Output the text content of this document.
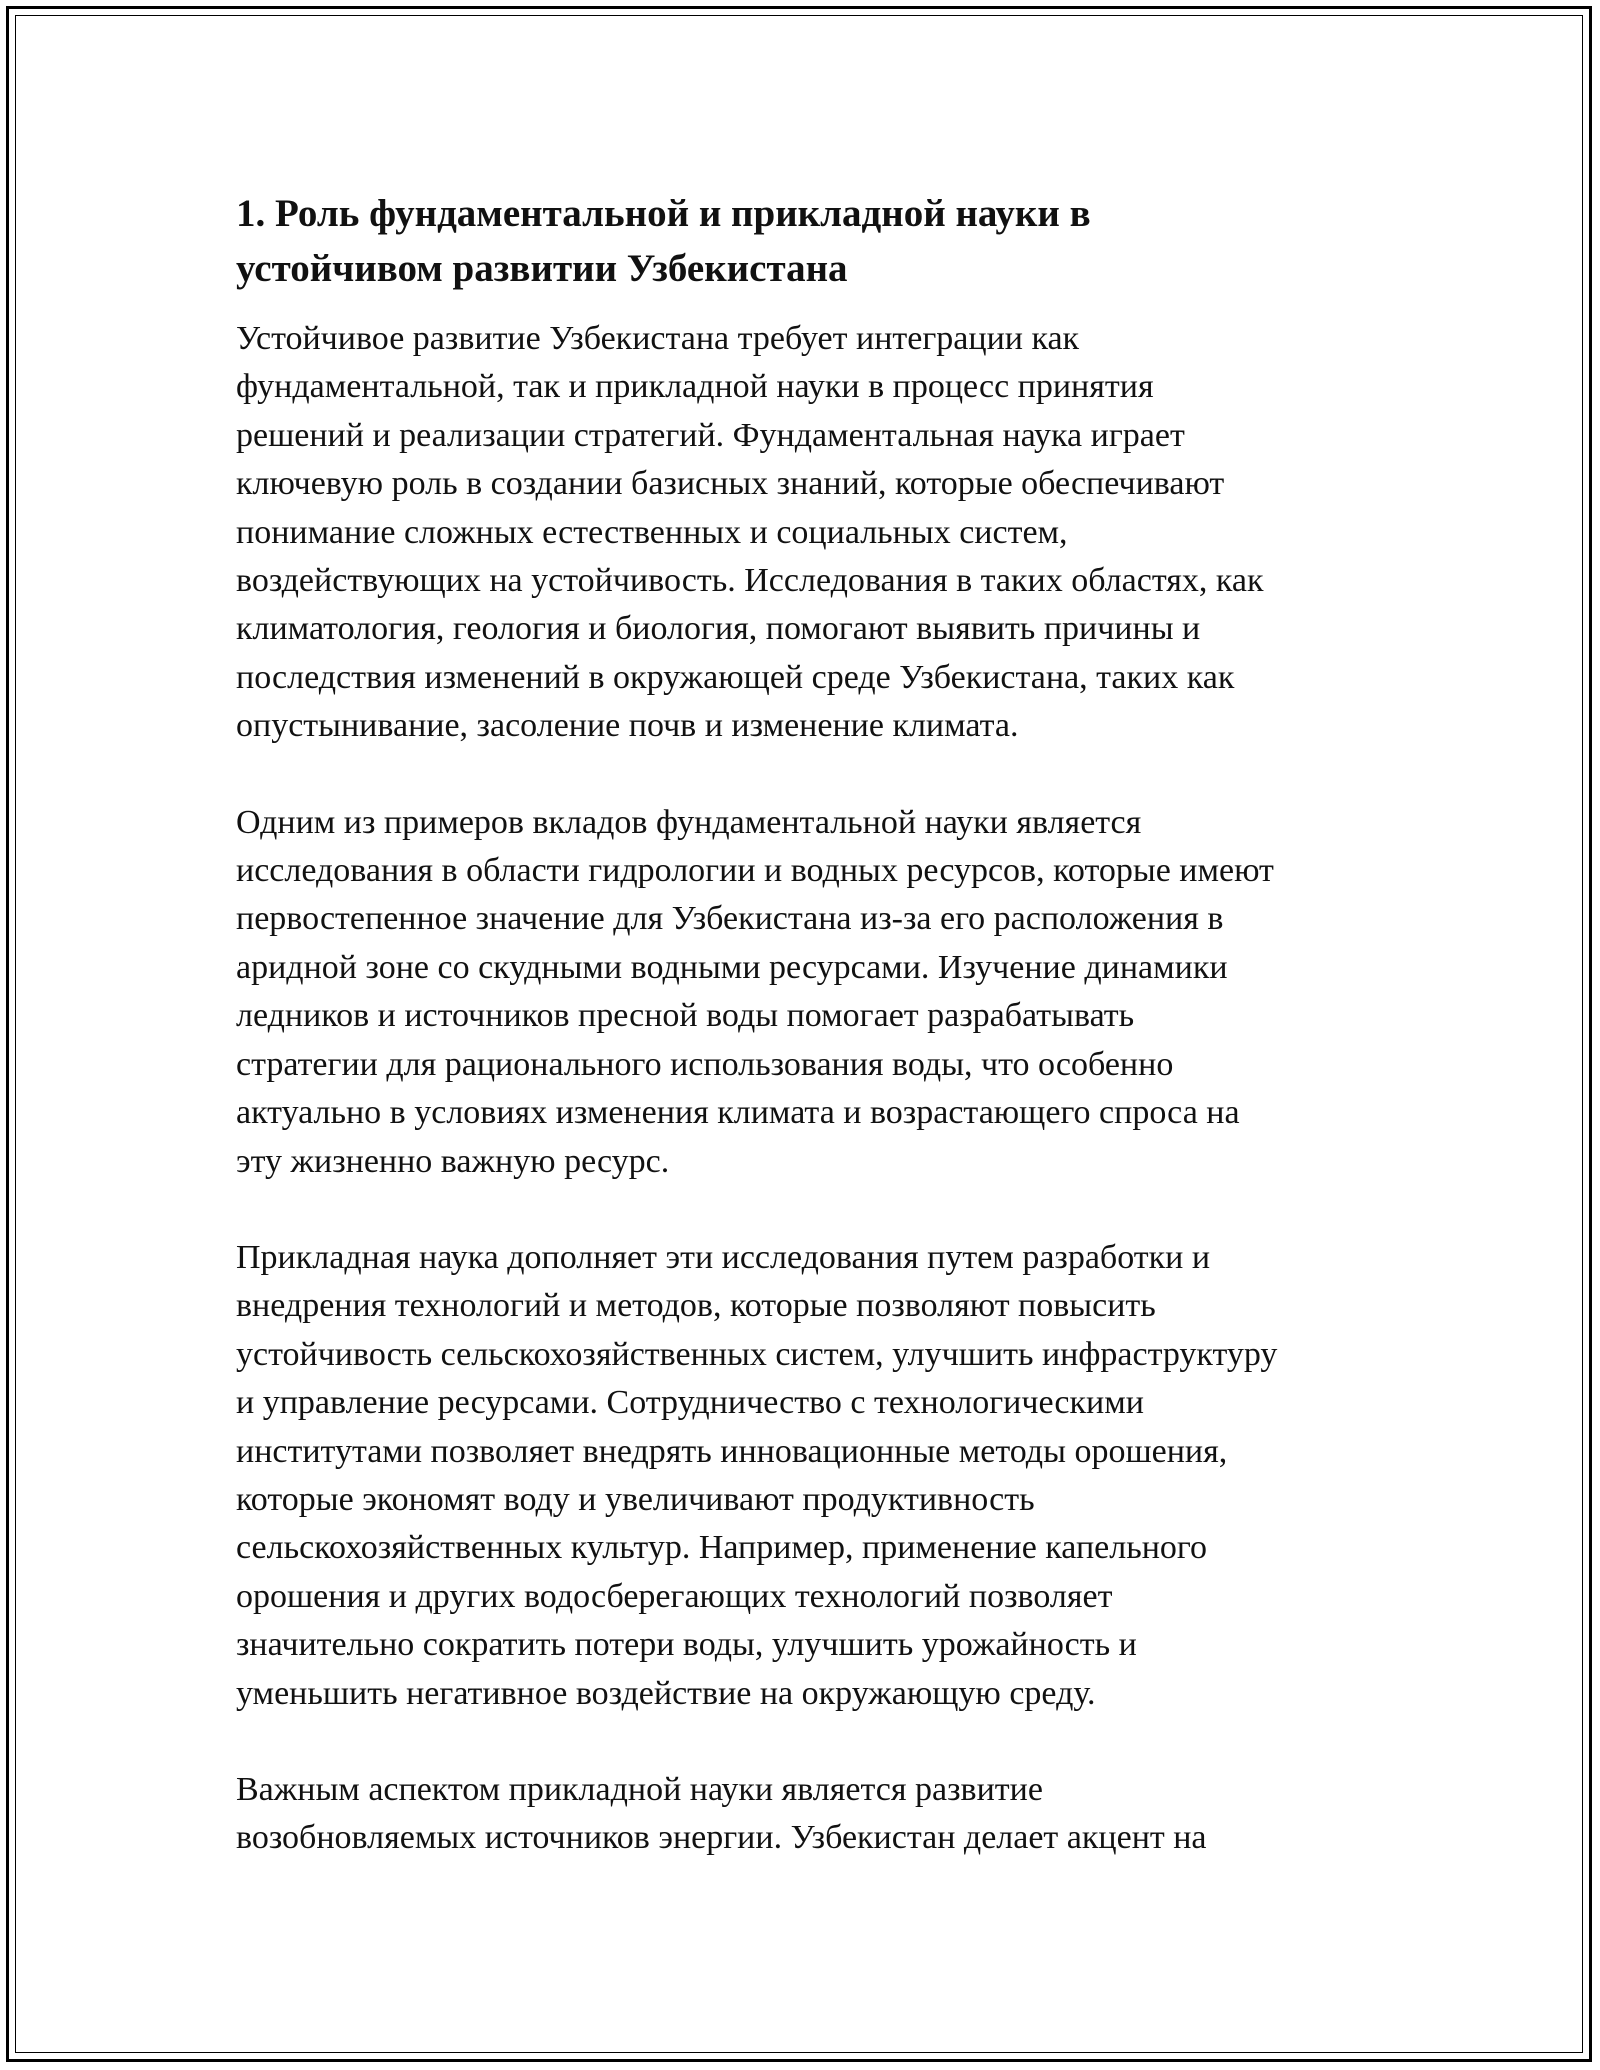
1. Роль фундаментальной и прикладной науки в
устойчивом развитии Узбекистана

Устойчивое развитие Узбекистана требует интеграции как
фундаментальной, так и прикладной науки в процесс принятия
решений и реализации стратегий. Фундаментальная наука играет
ключевую роль в создании базисных знаний, которые обеспечивают
понимание сложных естественных и социальных систем,
воздействующих на устойчивость. Исследования в таких областях, как
климатология, геология и биология, помогают выявить причины и
последствия изменений в окружающей среде Узбекистана, таких как
опустынивание, засоление почв и изменение климата.

Одним из примеров вкладов фундаментальной науки является
исследования в области гидрологии и водных ресурсов, которые имеют
первостепенное значение для Узбекистана из-за его расположения в
аридной зоне со скудными водными ресурсами. Изучение динамики
ледников и источников пресной воды помогает разрабатывать
стратегии для рационального использования воды, что особенно
актуально в условиях изменения климата и возрастающего спроса на
эту жизненно важную ресурс.

Прикладная наука дополняет эти исследования путем разработки и
внедрения технологий и методов, которые позволяют повысить
устойчивость сельскохозяйственных систем, улучшить инфраструктуру
и управление ресурсами. Сотрудничество с технологическими
институтами позволяет внедрять инновационные методы орошения,
которые экономят воду и увеличивают продуктивность
сельскохозяйственных культур. Например, применение капельного
орошения и других водосберегающих технологий позволяет
значительно сократить потери воды, улучшить урожайность и
уменьшить негативное воздействие на окружающую среду.

Важным аспектом прикладной науки является развитие
возобновляемых источников энергии. Узбекистан делает акцент на
